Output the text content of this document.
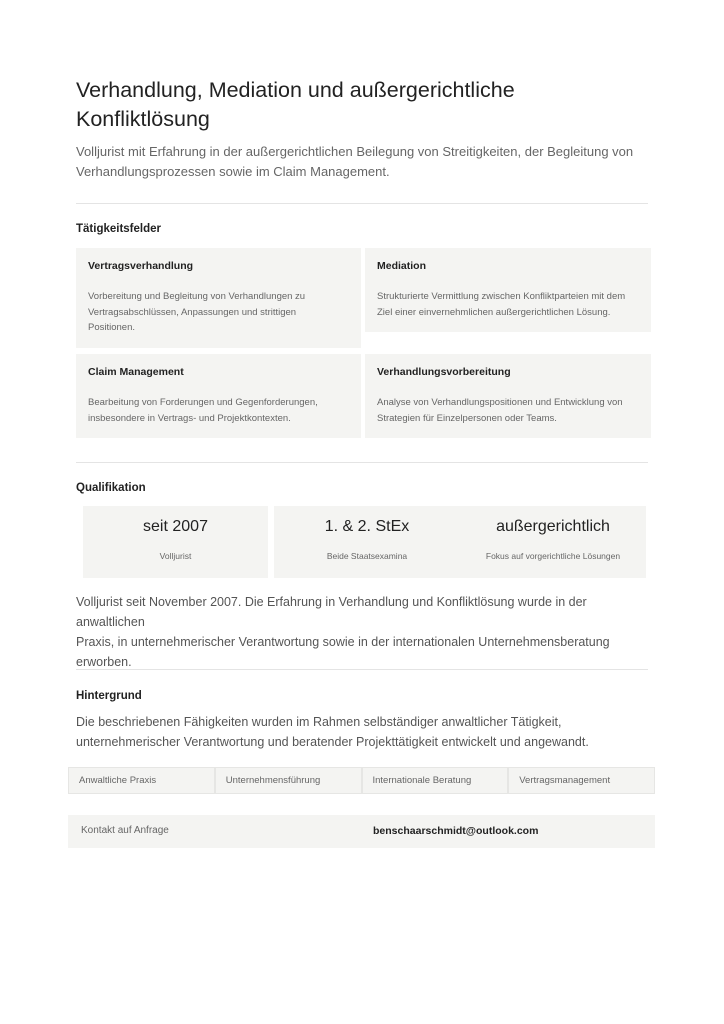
Verhandlung, Mediation und außergerichtliche
Konfliktlösung
Volljurist mit Erfahrung in der außergerichtlichen Beilegung von Streitigkeiten, der Begleitung von
Verhandlungsprozessen sowie im Claim Management.
Tätigkeitsfelder
Vertragsverhandlung
Vorbereitung und Begleitung von Verhandlungen zu
Vertragsabschlüssen, Anpassungen und strittigen
Positionen.
Mediation
Strukturierte Vermittlung zwischen Konfliktparteien mit dem
Ziel einer einvernehmlichen außergerichtlichen Lösung.
Claim Management
Bearbeitung von Forderungen und Gegenforderungen,
insbesondere in Vertrags- und Projektkontexten.
Verhandlungsvorbereitung
Analyse von Verhandlungspositionen und Entwicklung von
Strategien für Einzelpersonen oder Teams.
Qualifikation
seit 2007
Volljurist
1. & 2. StEx
Beide Staatsexamina
außergerichtlich
Fokus auf vorgerichtliche Lösungen
Volljurist seit November 2007. Die Erfahrung in Verhandlung und Konfliktlösung wurde in der anwaltlichen
Praxis, in unternehmerischer Verantwortung sowie in der internationalen Unternehmensberatung
erworben.
Hintergrund
Die beschriebenen Fähigkeiten wurden im Rahmen selbständiger anwaltlicher Tätigkeit,
unternehmerischer Verantwortung und beratender Projekttätigkeit entwickelt und angewandt.
Anwaltliche Praxis	Unternehmensführung	Internationale Beratung	Vertragsmanagement
Kontakt auf Anfrage	benschaarschmidt@outlook.com
